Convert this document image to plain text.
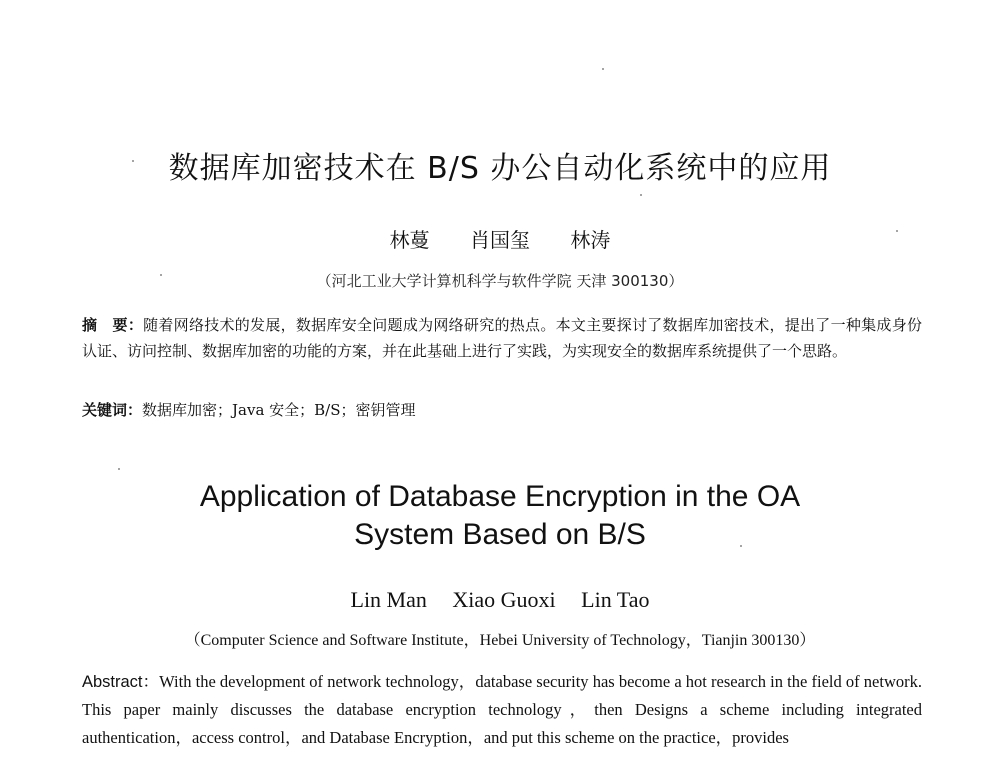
数据库加密技术在 B/S 办公自动化系统中的应用
林蔓 肖国玺 林涛
（河北工业大学计算机科学与软件学院 天津 300130）
摘　要：随着网络技术的发展，数据库安全问题成为网络研究的热点。本文主要探讨了数据库加密技术，提出了一种集成身份认证、访问控制、数据库加密的功能的方案，并在此基础上进行了实践，为实现安全的数据库系统提供了一个思路。
关键词：数据库加密；Java 安全；B/S；密钥管理
Application of Database Encryption in the OA
System Based on B/S
Lin Man Xiao Guoxi Lin Tao
（Computer Science and Software Institute，Hebei University of Technology，Tianjin 300130）
Abstract：With the development of network technology，database security has become a hot research in the field of network. This paper mainly discusses the database encryption technology，then Designs a scheme including integrated authentication，access control，and Database Encryption，and put this scheme on the practice，provides
